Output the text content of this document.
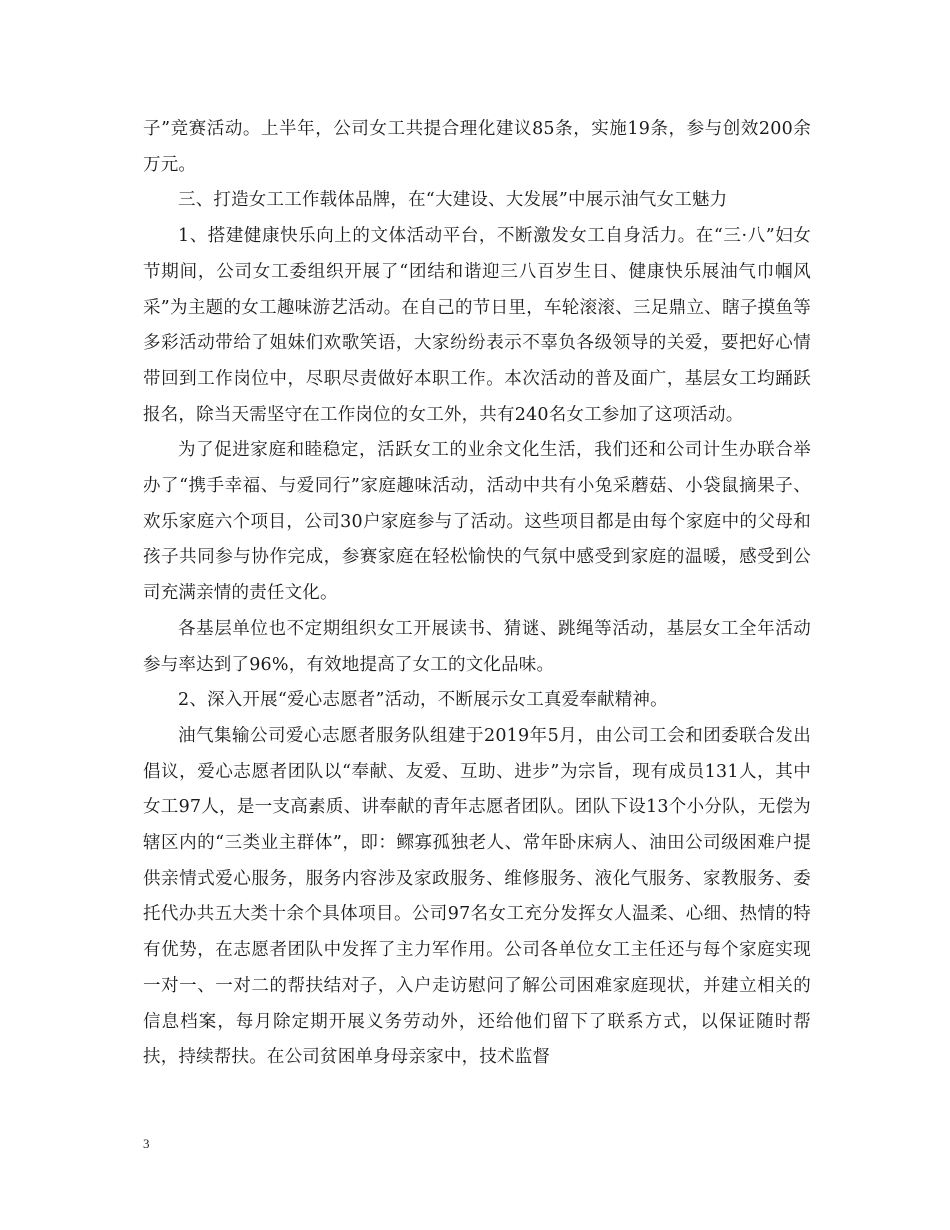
子”竞赛活动。上半年，公司女工共提合理化建议85条，实施19条，参与创效200余万元。

三、打造女工工作载体品牌，在“大建设、大发展”中展示油气女工魅力

1、搭建健康快乐向上的文体活动平台，不断激发女工自身活力。在“三·八”妇女节期间，公司女工委组织开展了“团结和谐迎三八百岁生日、健康快乐展油气巾帼风采”为主题的女工趣味游艺活动。在自己的节日里，车轮滚滚、三足鼎立、瞎子摸鱼等多彩活动带给了姐妹们欢歌笑语，大家纷纷表示不辜负各级领导的关爱，要把好心情带回到工作岗位中，尽职尽责做好本职工作。本次活动的普及面广，基层女工均踊跃报名，除当天需坚守在工作岗位的女工外，共有240名女工参加了这项活动。

为了促进家庭和睦稳定，活跃女工的业余文化生活，我们还和公司计生办联合举办了“携手幸福、与爱同行”家庭趣味活动，活动中共有小兔采蘑菇、小袋鼠摘果子、欢乐家庭六个项目，公司30户家庭参与了活动。这些项目都是由每个家庭中的父母和孩子共同参与协作完成，参赛家庭在轻松愉快的气氛中感受到家庭的温暖，感受到公司充满亲情的责任文化。

各基层单位也不定期组织女工开展读书、猜谜、跳绳等活动，基层女工全年活动参与率达到了96%，有效地提高了女工的文化品味。

2、深入开展“爱心志愿者”活动，不断展示女工真爱奉献精神。

油气集输公司爱心志愿者服务队组建于2019年5月，由公司工会和团委联合发出倡议，爱心志愿者团队以“奉献、友爱、互助、进步”为宗旨，现有成员131人，其中女工97人，是一支高素质、讲奉献的青年志愿者团队。团队下设13个小分队，无偿为辖区内的“三类业主群体”，即：鳏寡孤独老人、常年卧床病人、油田公司级困难户提供亲情式爱心服务，服务内容涉及家政服务、维修服务、液化气服务、家教服务、委托代办共五大类十余个具体项目。公司97名女工充分发挥女人温柔、心细、热情的特有优势，在志愿者团队中发挥了主力军作用。公司各单位女工主任还与每个家庭实现一对一、一对二的帮扶结对子，入户走访慰问了解公司困难家庭现状，并建立相关的信息档案，每月除定期开展义务劳动外，还给他们留下了联系方式，以保证随时帮扶，持续帮扶。在公司贫困单身母亲家中，技术监督

3
